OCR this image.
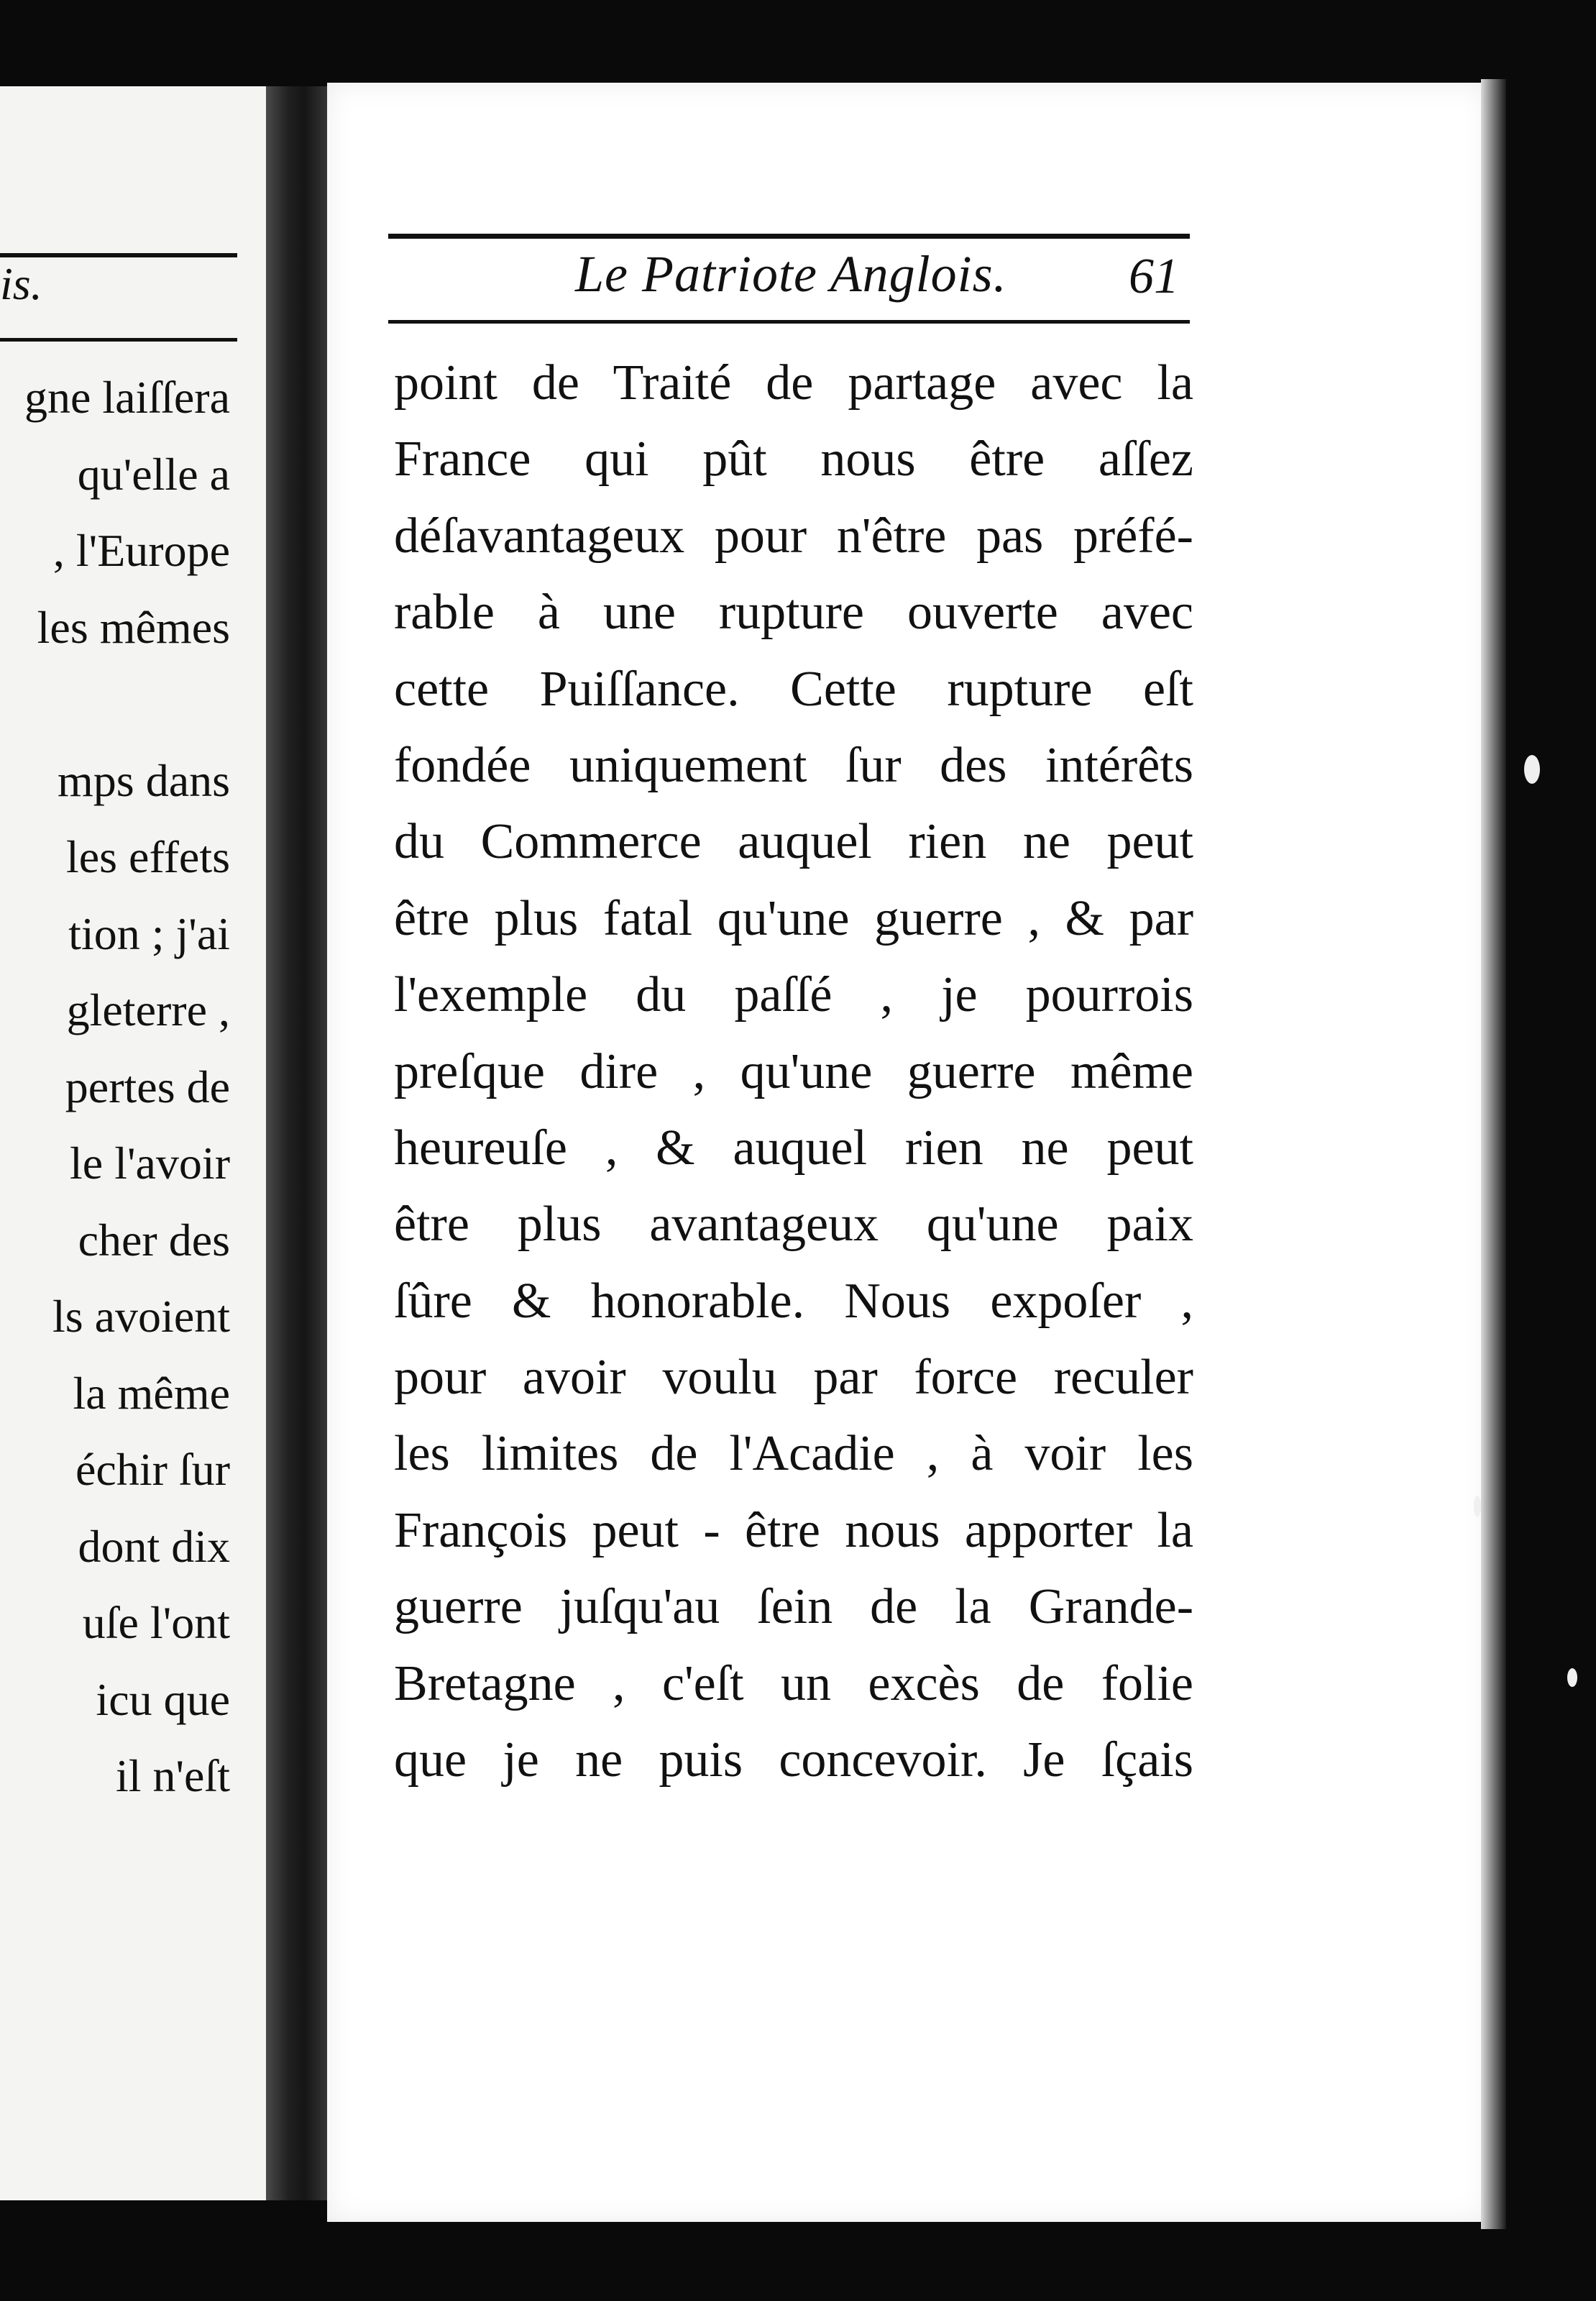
is.
gne laiſſera
qu'elle a
, l'Europe
les mêmes
mps dans
les effets
tion ; j'ai
gleterre ,
pertes de
le l'avoir
cher des
ls avoient
la même
échir ſur
dont dix
uſe l'ont
icu que
il n'eſt
Le Patriote Anglois. 61
point de Traité de partage avec la
France qui pût nous être aſſez
déſavantageux pour n'être pas préfé-
rable à une rupture ouverte avec
cette Puiſſance. Cette rupture eſt
fondée uniquement ſur des intérêts
du Commerce auquel rien ne peut
être plus fatal qu'une guerre , & par
l'exemple du paſſé , je pourrois
preſque dire , qu'une guerre même
heureuſe , & auquel rien ne peut
être plus avantageux qu'une paix
ſûre & honorable. Nous expoſer ,
pour avoir voulu par force reculer
les limites de l'Acadie , à voir les
François peut - être nous apporter la
guerre juſqu'au ſein de la Grande-
Bretagne , c'eſt un excès de folie
que je ne puis concevoir. Je ſçais
